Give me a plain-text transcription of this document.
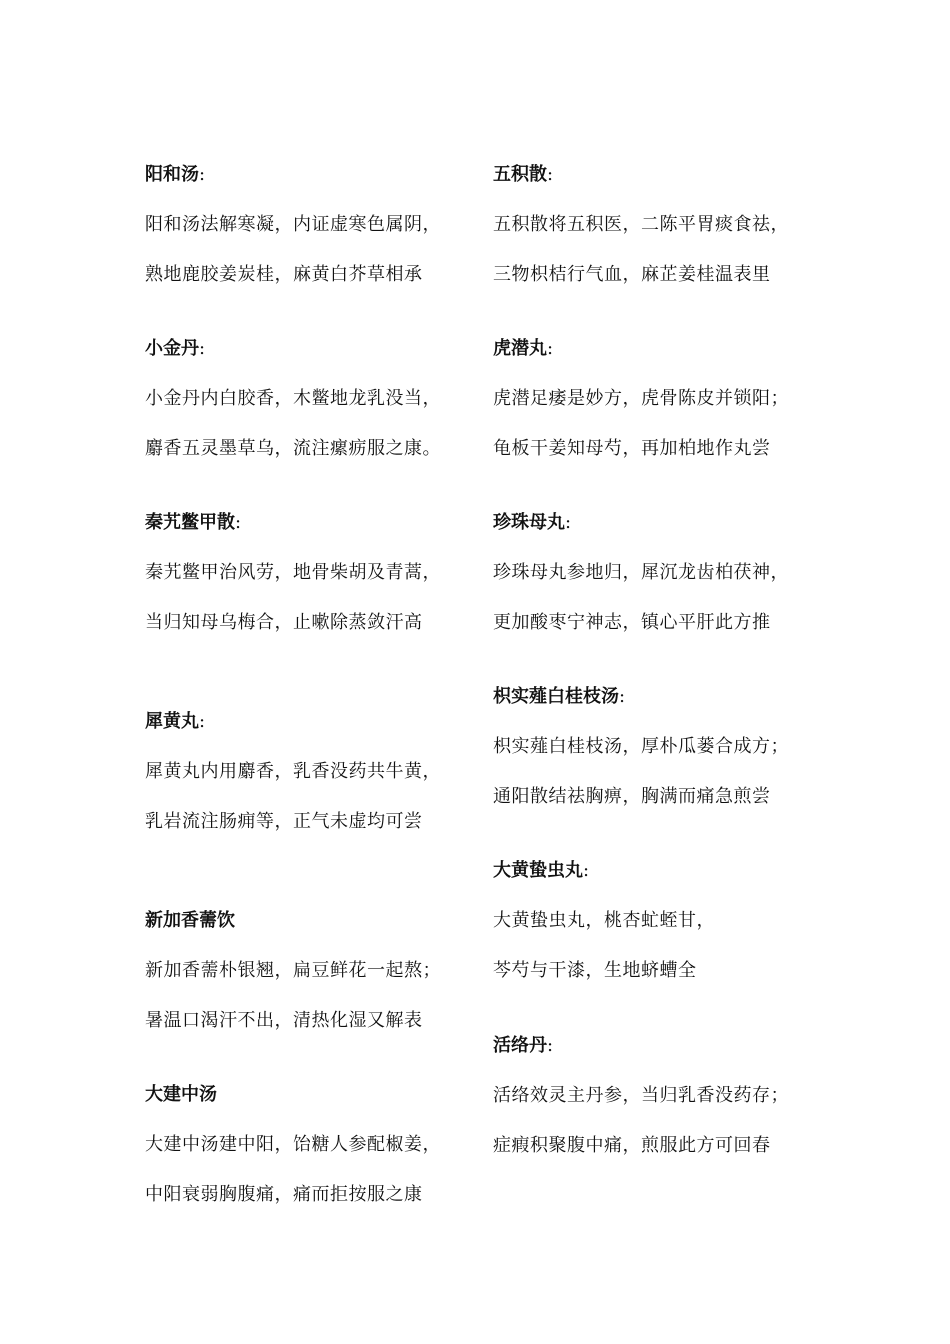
阳和汤:
阳和汤法解寒凝，内证虚寒色属阴，
熟地鹿胶姜炭桂，麻黄白芥草相承
小金丹:
小金丹内白胶香，木鳖地龙乳没当，
麝香五灵墨草乌，流注瘰疬服之康。
秦艽鳖甲散:
秦艽鳖甲治风劳，地骨柴胡及青蒿，
当归知母乌梅合，止嗽除蒸敛汗高
犀黄丸:
犀黄丸内用麝香，乳香没药共牛黄，
乳岩流注肠痈等，正气未虚均可尝
新加香薷饮
新加香薷朴银翘，扁豆鲜花一起熬；
暑温口渴汗不出，清热化湿又解表
大建中汤
大建中汤建中阳，饴糖人参配椒姜，
中阳衰弱胸腹痛，痛而拒按服之康
五积散:
五积散将五积医，二陈平胃痰食祛，
三物枳桔行气血，麻芷姜桂温表里
虎潜丸:
虎潜足痿是妙方，虎骨陈皮并锁阳；
龟板干姜知母芍，再加柏地作丸尝
珍珠母丸:
珍珠母丸参地归，犀沉龙齿柏茯神，
更加酸枣宁神志，镇心平肝此方推
枳实薤白桂枝汤:
枳实薤白桂枝汤，厚朴瓜蒌合成方；
通阳散结祛胸痹，胸满而痛急煎尝
大黄蛰虫丸:
大黄蛰虫丸，桃杏虻蛭甘，
芩芍与干漆，生地蛴螬全
活络丹:
活络效灵主丹参，当归乳香没药存；
症瘕积聚腹中痛，煎服此方可回春
